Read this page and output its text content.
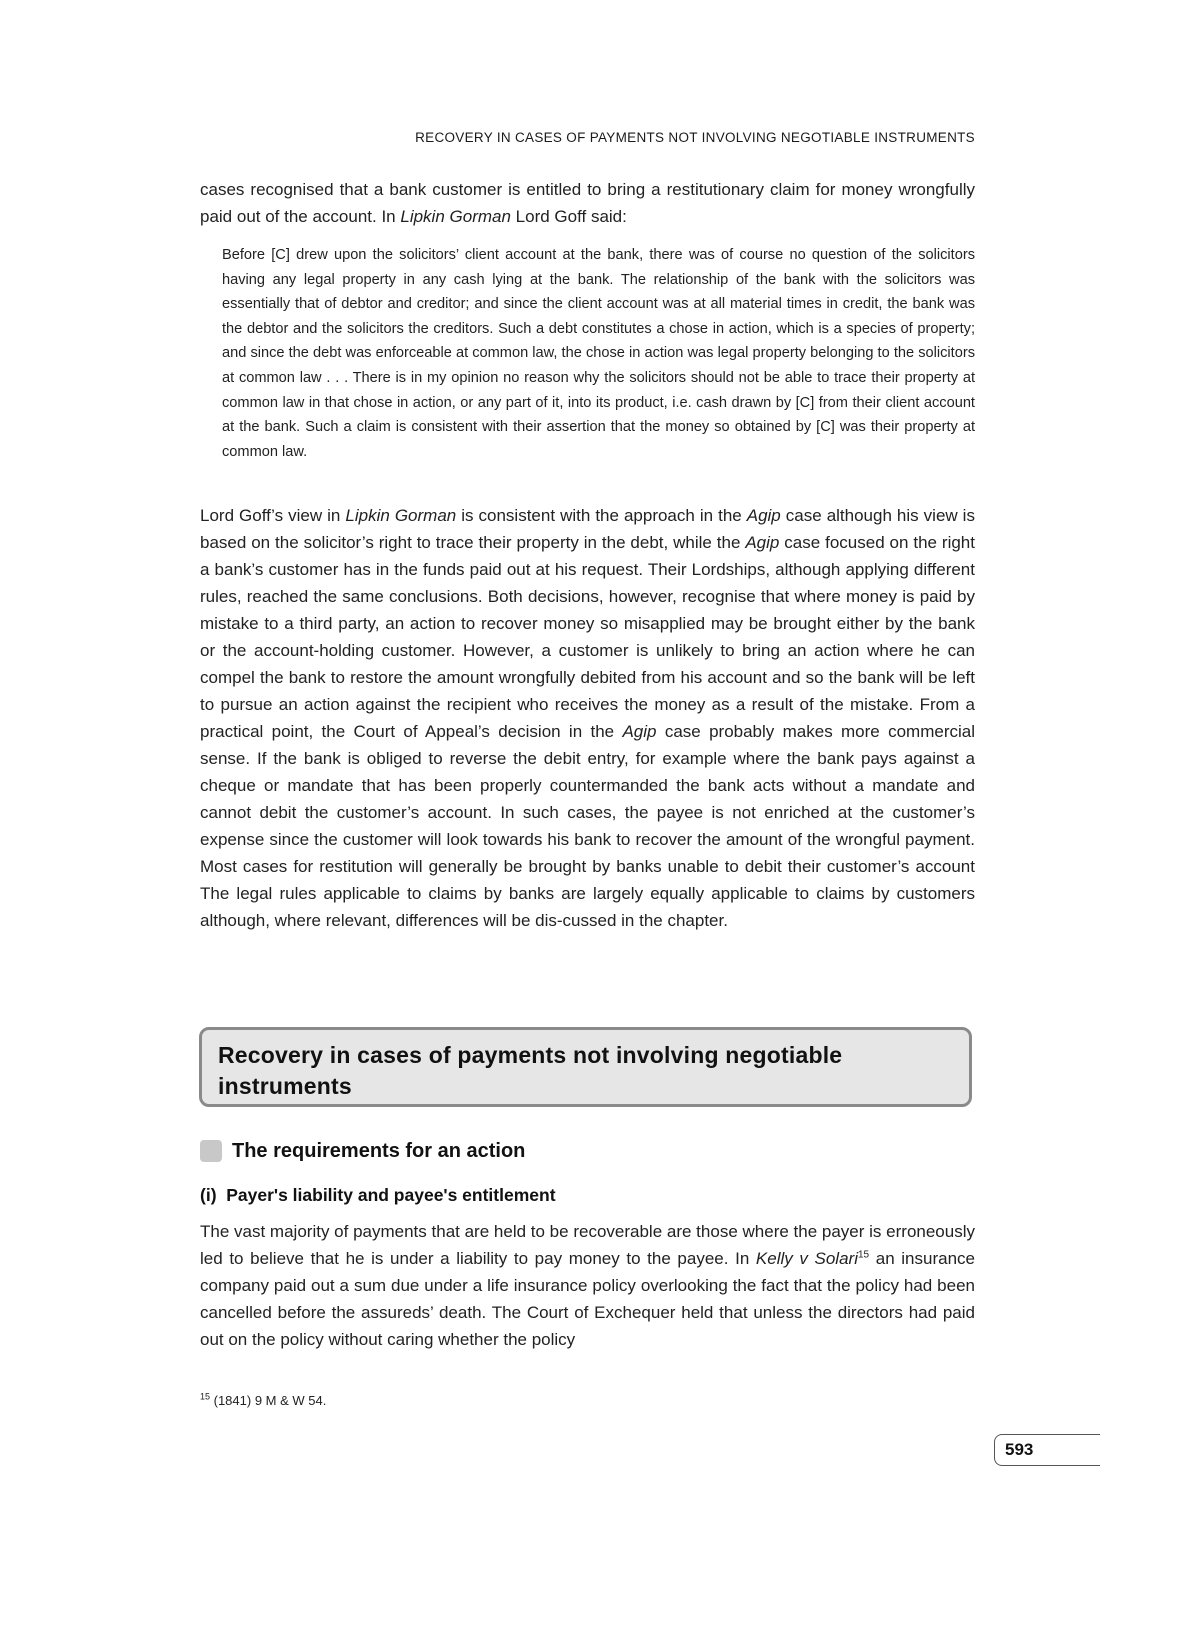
RECOVERY IN CASES OF PAYMENTS NOT INVOLVING NEGOTIABLE INSTRUMENTS
cases recognised that a bank customer is entitled to bring a restitutionary claim for money wrongfully paid out of the account. In Lipkin Gorman Lord Goff said:
Before [C] drew upon the solicitors’ client account at the bank, there was of course no question of the solicitors having any legal property in any cash lying at the bank. The relationship of the bank with the solicitors was essentially that of debtor and creditor; and since the client account was at all material times in credit, the bank was the debtor and the solicitors the creditors. Such a debt constitutes a chose in action, which is a species of property; and since the debt was enforceable at common law, the chose in action was legal property belonging to the solicitors at common law . . . There is in my opinion no reason why the solicitors should not be able to trace their property at common law in that chose in action, or any part of it, into its product, i.e. cash drawn by [C] from their client account at the bank. Such a claim is consistent with their assertion that the money so obtained by [C] was their property at common law.
Lord Goff’s view in Lipkin Gorman is consistent with the approach in the Agip case although his view is based on the solicitor’s right to trace their property in the debt, while the Agip case focused on the right a bank’s customer has in the funds paid out at his request. Their Lordships, although applying different rules, reached the same conclusions. Both decisions, however, recognise that where money is paid by mistake to a third party, an action to recover money so misapplied may be brought either by the bank or the account-holding customer. However, a customer is unlikely to bring an action where he can compel the bank to restore the amount wrongfully debited from his account and so the bank will be left to pursue an action against the recipient who receives the money as a result of the mistake. From a practical point, the Court of Appeal’s decision in the Agip case probably makes more commercial sense. If the bank is obliged to reverse the debit entry, for example where the bank pays against a cheque or mandate that has been properly countermanded the bank acts without a mandate and cannot debit the customer’s account. In such cases, the payee is not enriched at the customer’s expense since the customer will look towards his bank to recover the amount of the wrongful payment. Most cases for restitution will generally be brought by banks unable to debit their customer’s account The legal rules applicable to claims by banks are largely equally applicable to claims by customers although, where relevant, differences will be dis-cussed in the chapter.
Recovery in cases of payments not involving negotiable instruments
The requirements for an action
(i)  Payer's liability and payee's entitlement
The vast majority of payments that are held to be recoverable are those where the payer is erroneously led to believe that he is under a liability to pay money to the payee. In Kelly v Solari$^{15}$ an insurance company paid out a sum due under a life insurance policy overlooking the fact that the policy had been cancelled before the assureds’ death. The Court of Exchequer held that unless the directors had paid out on the policy without caring whether the policy
$^{15}$ (1841) 9 M & W 54.
593
